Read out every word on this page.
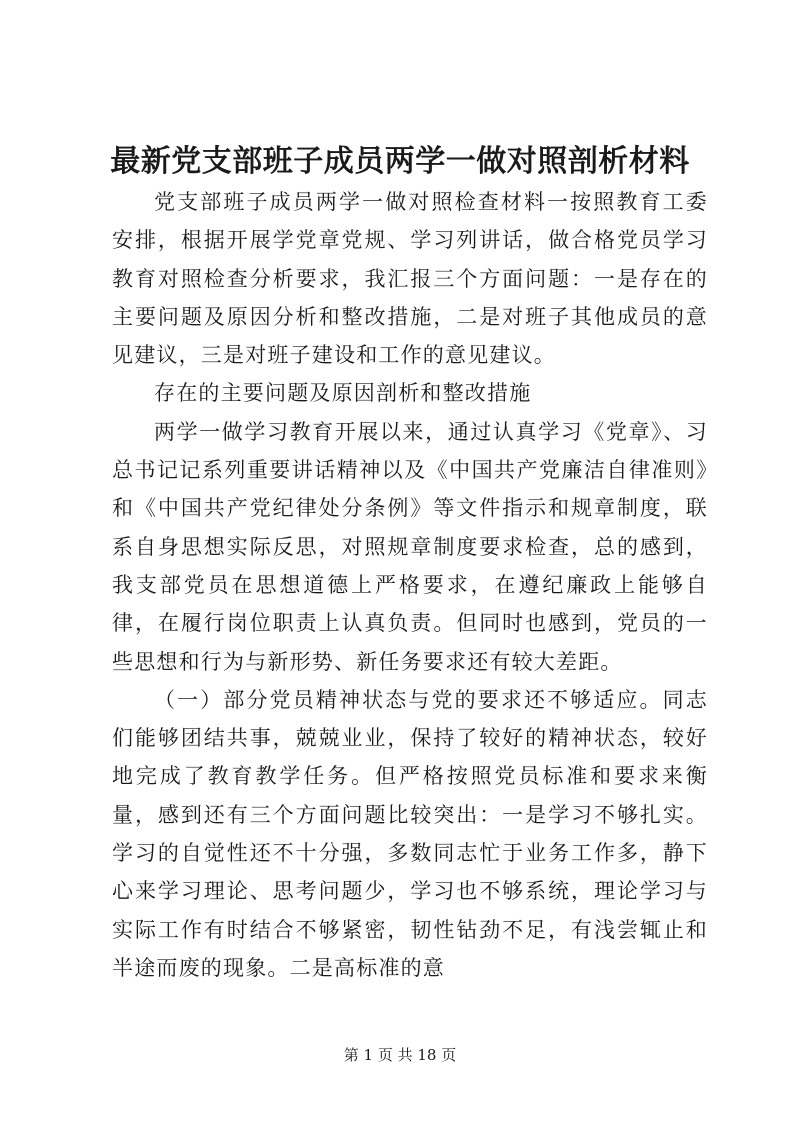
最新党支部班子成员两学一做对照剖析材料

党支部班子成员两学一做对照检查材料一按照教育工委安排，根据开展学党章党规、学习列讲话，做合格党员学习教育对照检查分析要求，我汇报三个方面问题：一是存在的主要问题及原因分析和整改措施，二是对班子其他成员的意见建议，三是对班子建设和工作的意见建议。

存在的主要问题及原因剖析和整改措施

两学一做学习教育开展以来，通过认真学习《党章》、习总书记记系列重要讲话精神以及《中国共产党廉洁自律准则》和《中国共产党纪律处分条例》等文件指示和规章制度，联系自身思想实际反思，对照规章制度要求检查，总的感到，我支部党员在思想道德上严格要求，在遵纪廉政上能够自律，在履行岗位职责上认真负责。但同时也感到，党员的一些思想和行为与新形势、新任务要求还有较大差距。

（一）部分党员精神状态与党的要求还不够适应。同志们能够团结共事，兢兢业业，保持了较好的精神状态，较好地完成了教育教学任务。但严格按照党员标准和要求来衡量，感到还有三个方面问题比较突出：一是学习不够扎实。学习的自觉性还不十分强，多数同志忙于业务工作多，静下心来学习理论、思考问题少，学习也不够系统，理论学习与实际工作有时结合不够紧密，韧性钻劲不足，有浅尝辄止和半途而废的现象。二是高标准的意

第 1 页 共 18 页
